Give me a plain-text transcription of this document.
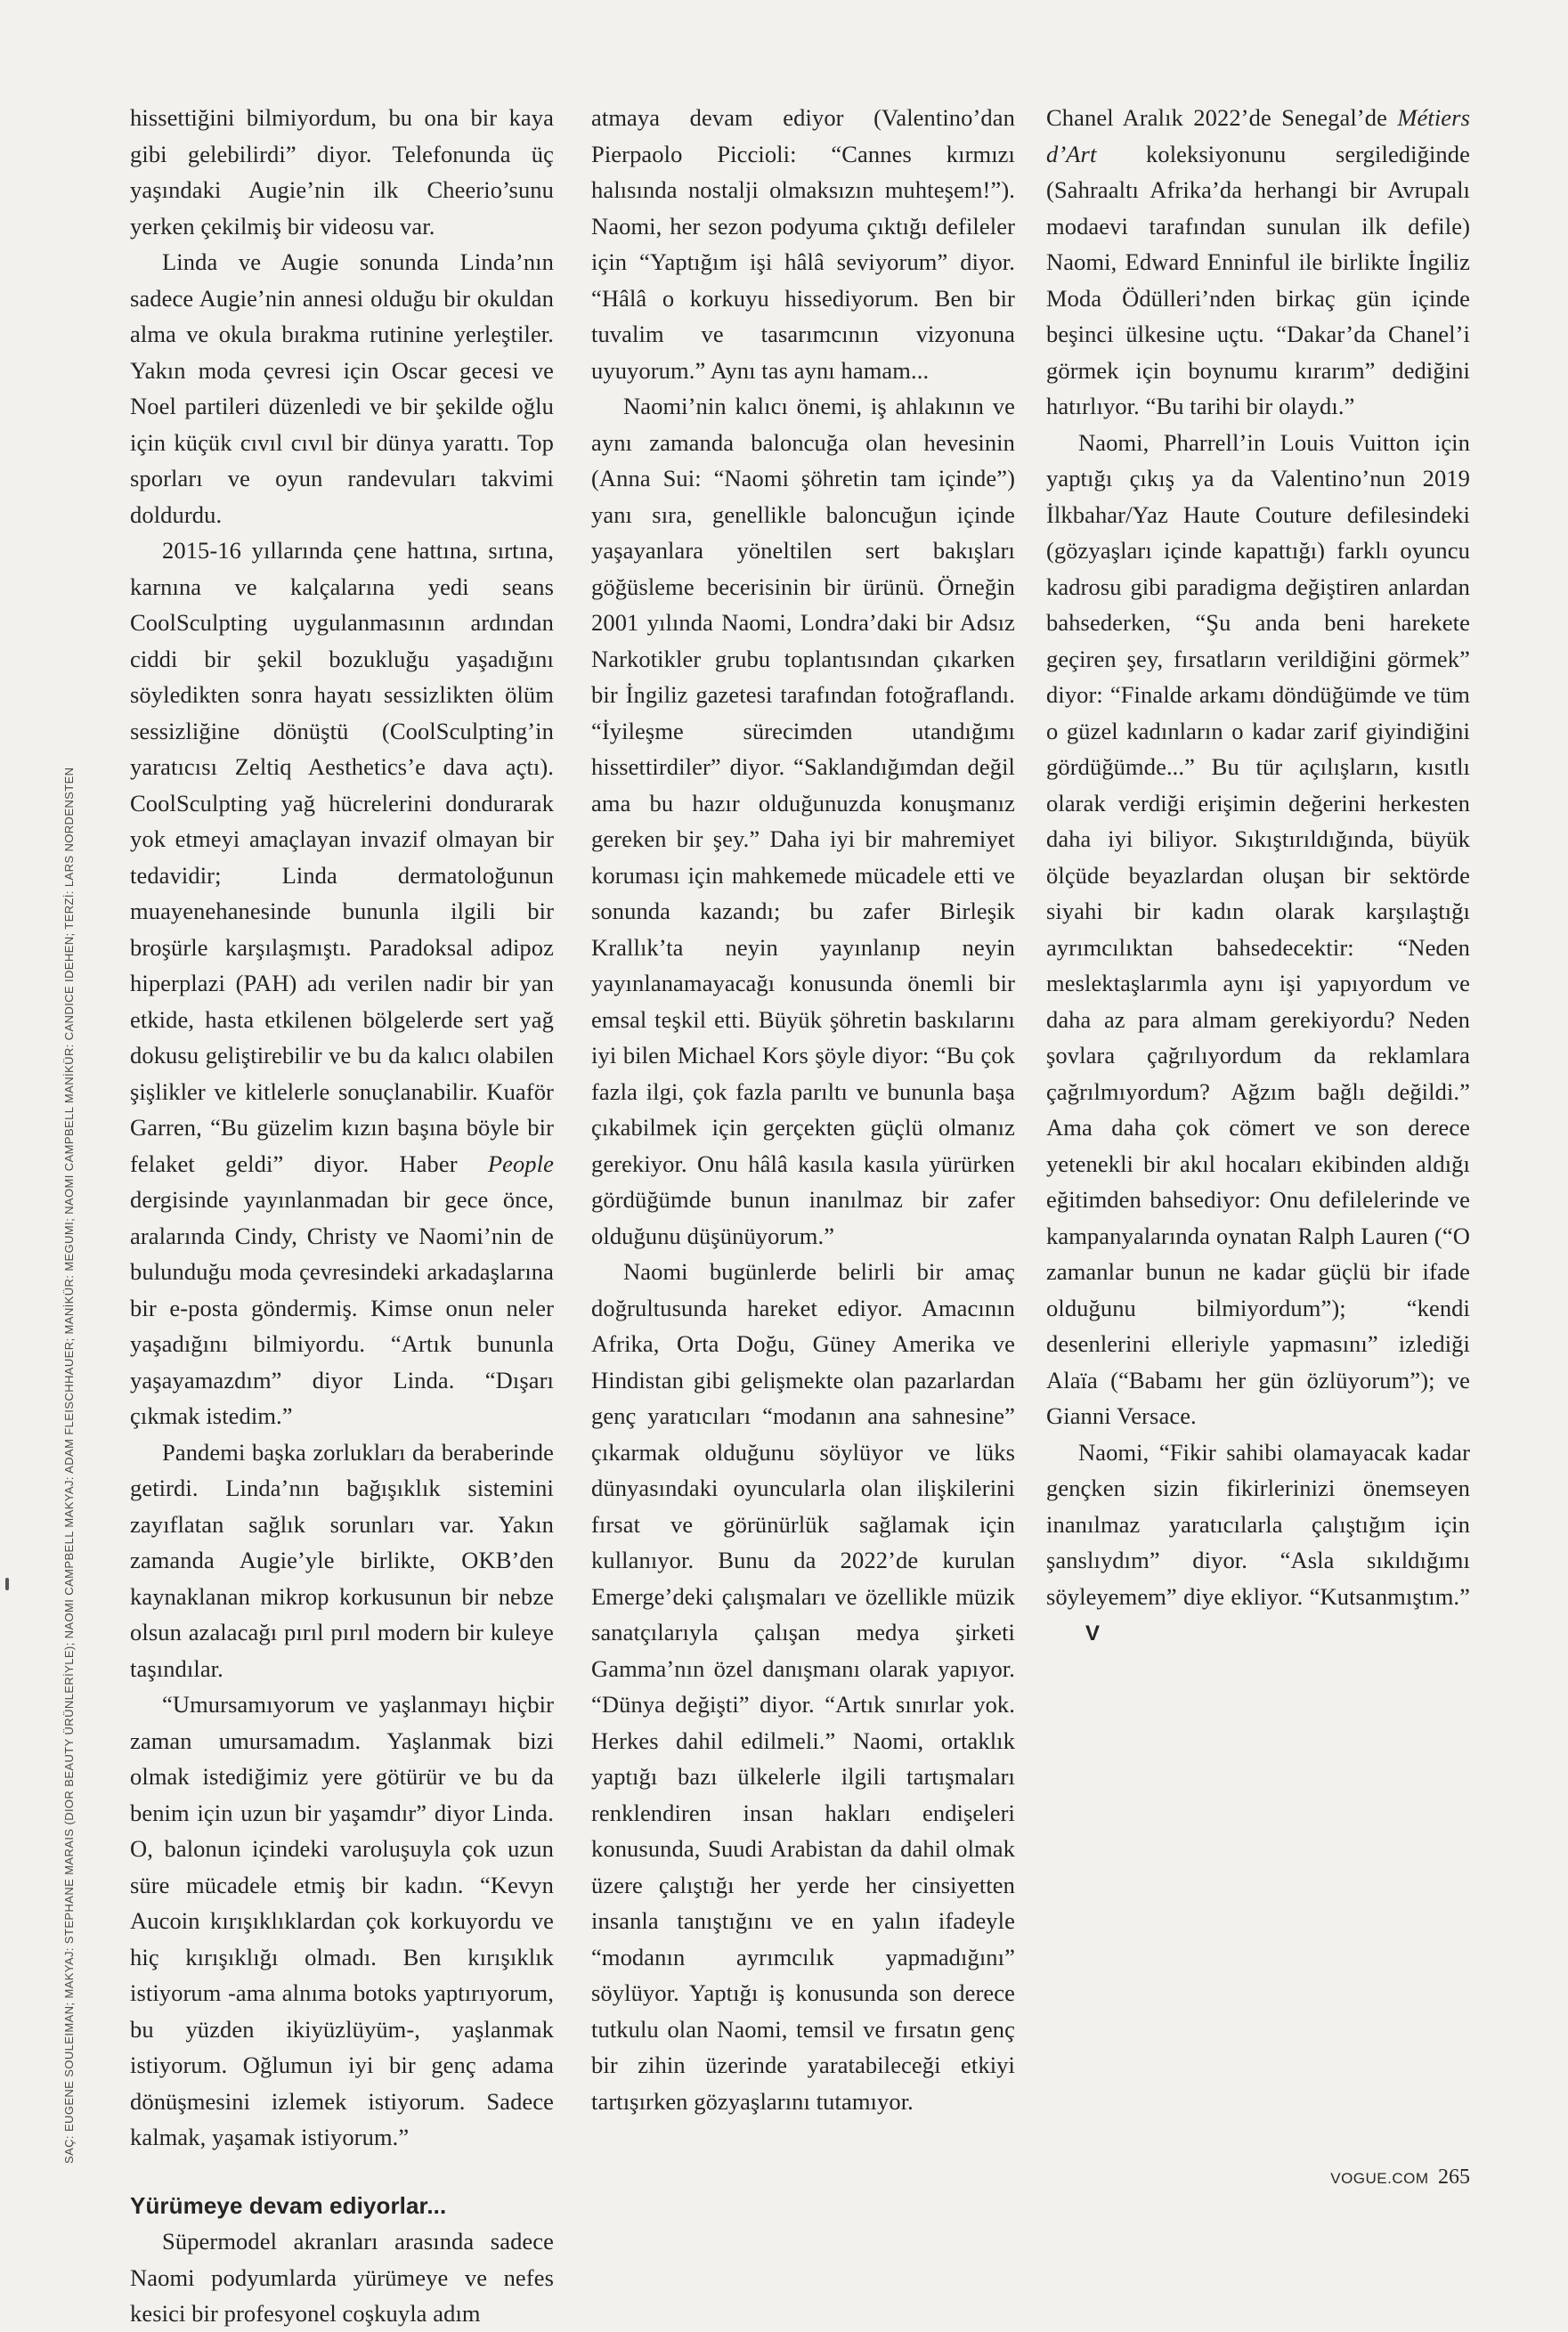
SAÇ: EUGENE SOULEIMAN; MAKYAJ: STEPHANE MARAIS (DIOR BEAUTY ÜRÜNLERİYLE); NAOMI CAMPBELL MAKYAJ: ADAM FLEISCHHAUER; MANİKÜR: MEGUMI; NAOMI CAMPBELL MANİKÜR: CANDICE IDEHEN; TERZİ: LARS NORDENSTEN

hissettiğini bilmiyordum, bu ona bir kaya gibi gelebilirdi” diyor. Telefonunda üç yaşındaki Augie’nin ilk Cheerio’sunu yerken çekilmiş bir videosu var.

Linda ve Augie sonunda Linda’nın sadece Augie’nin annesi olduğu bir okuldan alma ve okula bırakma rutinine yerleştiler. Yakın moda çevresi için Oscar gecesi ve Noel partileri düzenledi ve bir şekilde oğlu için küçük cıvıl cıvıl bir dünya yarattı. Top sporları ve oyun randevuları takvimi doldurdu.

2015-16 yıllarında çene hattına, sırtına, karnına ve kalçalarına yedi seans CoolSculpting uygulanmasının ardından ciddi bir şekil bozukluğu yaşadığını söyledikten sonra hayatı sessizlikten ölüm sessizliğine dönüştü (CoolSculpting’in yaratıcısı Zeltiq Aesthetics’e dava açtı). CoolSculpting yağ hücrelerini dondurarak yok etmeyi amaçlayan invazif olmayan bir tedavidir; Linda dermatoloğunun muayenehanesinde bununla ilgili bir broşürle karşılaşmıştı. Paradoksal adipoz hiperplazi (PAH) adı verilen nadir bir yan etkide, hasta etkilenen bölgelerde sert yağ dokusu geliştirebilir ve bu da kalıcı olabilen şişlikler ve kitlelerle sonuçlanabilir. Kuaför Garren, “Bu güzelim kızın başına böyle bir felaket geldi” diyor. Haber People dergisinde yayınlanmadan bir gece önce, aralarında Cindy, Christy ve Naomi’nin de bulunduğu moda çevresindeki arkadaşlarına bir e-posta göndermiş. Kimse onun neler yaşadığını bilmiyordu. “Artık bununla yaşayamazdım” diyor Linda. “Dışarı çıkmak istedim.”

Pandemi başka zorlukları da beraberinde getirdi. Linda’nın bağışıklık sistemini zayıflatan sağlık sorunları var. Yakın zamanda Augie’yle birlikte, OKB’den kaynaklanan mikrop korkusunun bir nebze olsun azalacağı pırıl pırıl modern bir kuleye taşındılar.

“Umursamıyorum ve yaşlanmayı hiçbir zaman umursamadım. Yaşlanmak bizi olmak istediğimiz yere götürür ve bu da benim için uzun bir yaşamdır” diyor Linda. O, balonun içindeki varoluşuyla çok uzun süre mücadele etmiş bir kadın. “Kevyn Aucoin kırışıklıklardan çok korkuyordu ve hiç kırışıklığı olmadı. Ben kırışıklık istiyorum -ama alnıma botoks yaptırıyorum, bu yüzden ikiyüzlüyüm-, yaşlanmak istiyorum. Oğlumun iyi bir genç adama dönüşmesini izlemek istiyorum. Sadece kalmak, yaşamak istiyorum.”

Yürümeye devam ediyorlar...

Süpermodel akranları arasında sadece Naomi podyumlarda yürümeye ve nefes kesici bir profesyonel coşkuyla adım

atmaya devam ediyor (Valentino’dan Pierpaolo Piccioli: “Cannes kırmızı halısında nostalji olmaksızın muhteşem!”). Naomi, her sezon podyuma çıktığı defileler için “Yaptığım işi hâlâ seviyorum” diyor. “Hâlâ o korkuyu hissediyorum. Ben bir tuvalim ve tasarımcının vizyonuna uyuyorum.” Aynı tas aynı hamam...

Naomi’nin kalıcı önemi, iş ahlakının ve aynı zamanda baloncuğa olan hevesinin (Anna Sui: “Naomi şöhretin tam içinde”) yanı sıra, genellikle baloncuğun içinde yaşayanlara yöneltilen sert bakışları göğüsleme becerisinin bir ürünü. Örneğin 2001 yılında Naomi, Londra’daki bir Adsız Narkotikler grubu toplantısından çıkarken bir İngiliz gazetesi tarafından fotoğraflandı. “İyileşme sürecimden utandığımı hissettirdiler” diyor. “Saklandığımdan değil ama bu hazır olduğunuzda konuşmanız gereken bir şey.” Daha iyi bir mahremiyet koruması için mahkemede mücadele etti ve sonunda kazandı; bu zafer Birleşik Krallık’ta neyin yayınlanıp neyin yayınlanamayacağı konusunda önemli bir emsal teşkil etti. Büyük şöhretin baskılarını iyi bilen Michael Kors şöyle diyor: “Bu çok fazla ilgi, çok fazla parıltı ve bununla başa çıkabilmek için gerçekten güçlü olmanız gerekiyor. Onu hâlâ kasıla kasıla yürürken gördüğümde bunun inanılmaz bir zafer olduğunu düşünüyorum.”

Naomi bugünlerde belirli bir amaç doğrultusunda hareket ediyor. Amacının Afrika, Orta Doğu, Güney Amerika ve Hindistan gibi gelişmekte olan pazarlardan genç yaratıcıları “modanın ana sahnesine” çıkarmak olduğunu söylüyor ve lüks dünyasındaki oyuncularla olan ilişkilerini fırsat ve görünürlük sağlamak için kullanıyor. Bunu da 2022’de kurulan Emerge’deki çalışmaları ve özellikle müzik sanatçılarıyla çalışan medya şirketi Gamma’nın özel danışmanı olarak yapıyor. “Dünya değişti” diyor. “Artık sınırlar yok. Herkes dahil edilmeli.” Naomi, ortaklık yaptığı bazı ülkelerle ilgili tartışmaları renklendiren insan hakları endişeleri konusunda, Suudi Arabistan da dahil olmak üzere çalıştığı her yerde her cinsiyetten insanla tanıştığını ve en yalın ifadeyle “modanın ayrımcılık yapmadığını” söylüyor. Yaptığı iş konusunda son derece tutkulu olan Naomi, temsil ve fırsatın genç bir zihin üzerinde yaratabileceği etkiyi tartışırken gözyaşlarını tutamıyor.

Chanel Aralık 2022’de Senegal’de Métiers d’Art koleksiyonunu sergilediğinde (Sahraaltı Afrika’da herhangi bir Avrupalı modaevi tarafından sunulan ilk defile) Naomi, Edward Enninful ile birlikte İngiliz Moda Ödülleri’nden birkaç gün içinde beşinci ülkesine uçtu. “Dakar’da Chanel’i görmek için boynumu kırarım” dediğini hatırlıyor. “Bu tarihi bir olaydı.”

Naomi, Pharrell’in Louis Vuitton için yaptığı çıkış ya da Valentino’nun 2019 İlkbahar/Yaz Haute Couture defilesindeki (gözyaşları içinde kapattığı) farklı oyuncu kadrosu gibi paradigma değiştiren anlardan bahsederken, “Şu anda beni harekete geçiren şey, fırsatların verildiğini görmek” diyor: “Finalde arkamı döndüğümde ve tüm o güzel kadınların o kadar zarif giyindiğini gördüğümde...” Bu tür açılışların, kısıtlı olarak verdiği erişimin değerini herkesten daha iyi biliyor. Sıkıştırıldığında, büyük ölçüde beyazlardan oluşan bir sektörde siyahi bir kadın olarak karşılaştığı ayrımcılıktan bahsedecektir: “Neden meslektaşlarımla aynı işi yapıyordum ve daha az para almam gerekiyordu? Neden şovlara çağrılıyordum da reklamlara çağrılmıyordum? Ağzım bağlı değildi.” Ama daha çok cömert ve son derece yetenekli bir akıl hocaları ekibinden aldığı eğitimden bahsediyor: Onu defilelerinde ve kampanyalarında oynatan Ralph Lauren (“O zamanlar bunun ne kadar güçlü bir ifade olduğunu bilmiyordum”); “kendi desenlerini elleriyle yapmasını” izlediği Alaïa (“Babamı her gün özlüyorum”); ve Gianni Versace.

Naomi, “Fikir sahibi olamayacak kadar gençken sizin fikirlerinizi önemseyen inanılmaz yaratıcılarla çalıştığım için şanslıydım” diyor. “Asla sıkıldığımı söyleyemem” diye ekliyor. “Kutsanmıştım.”V

VOGUE.COM 265
